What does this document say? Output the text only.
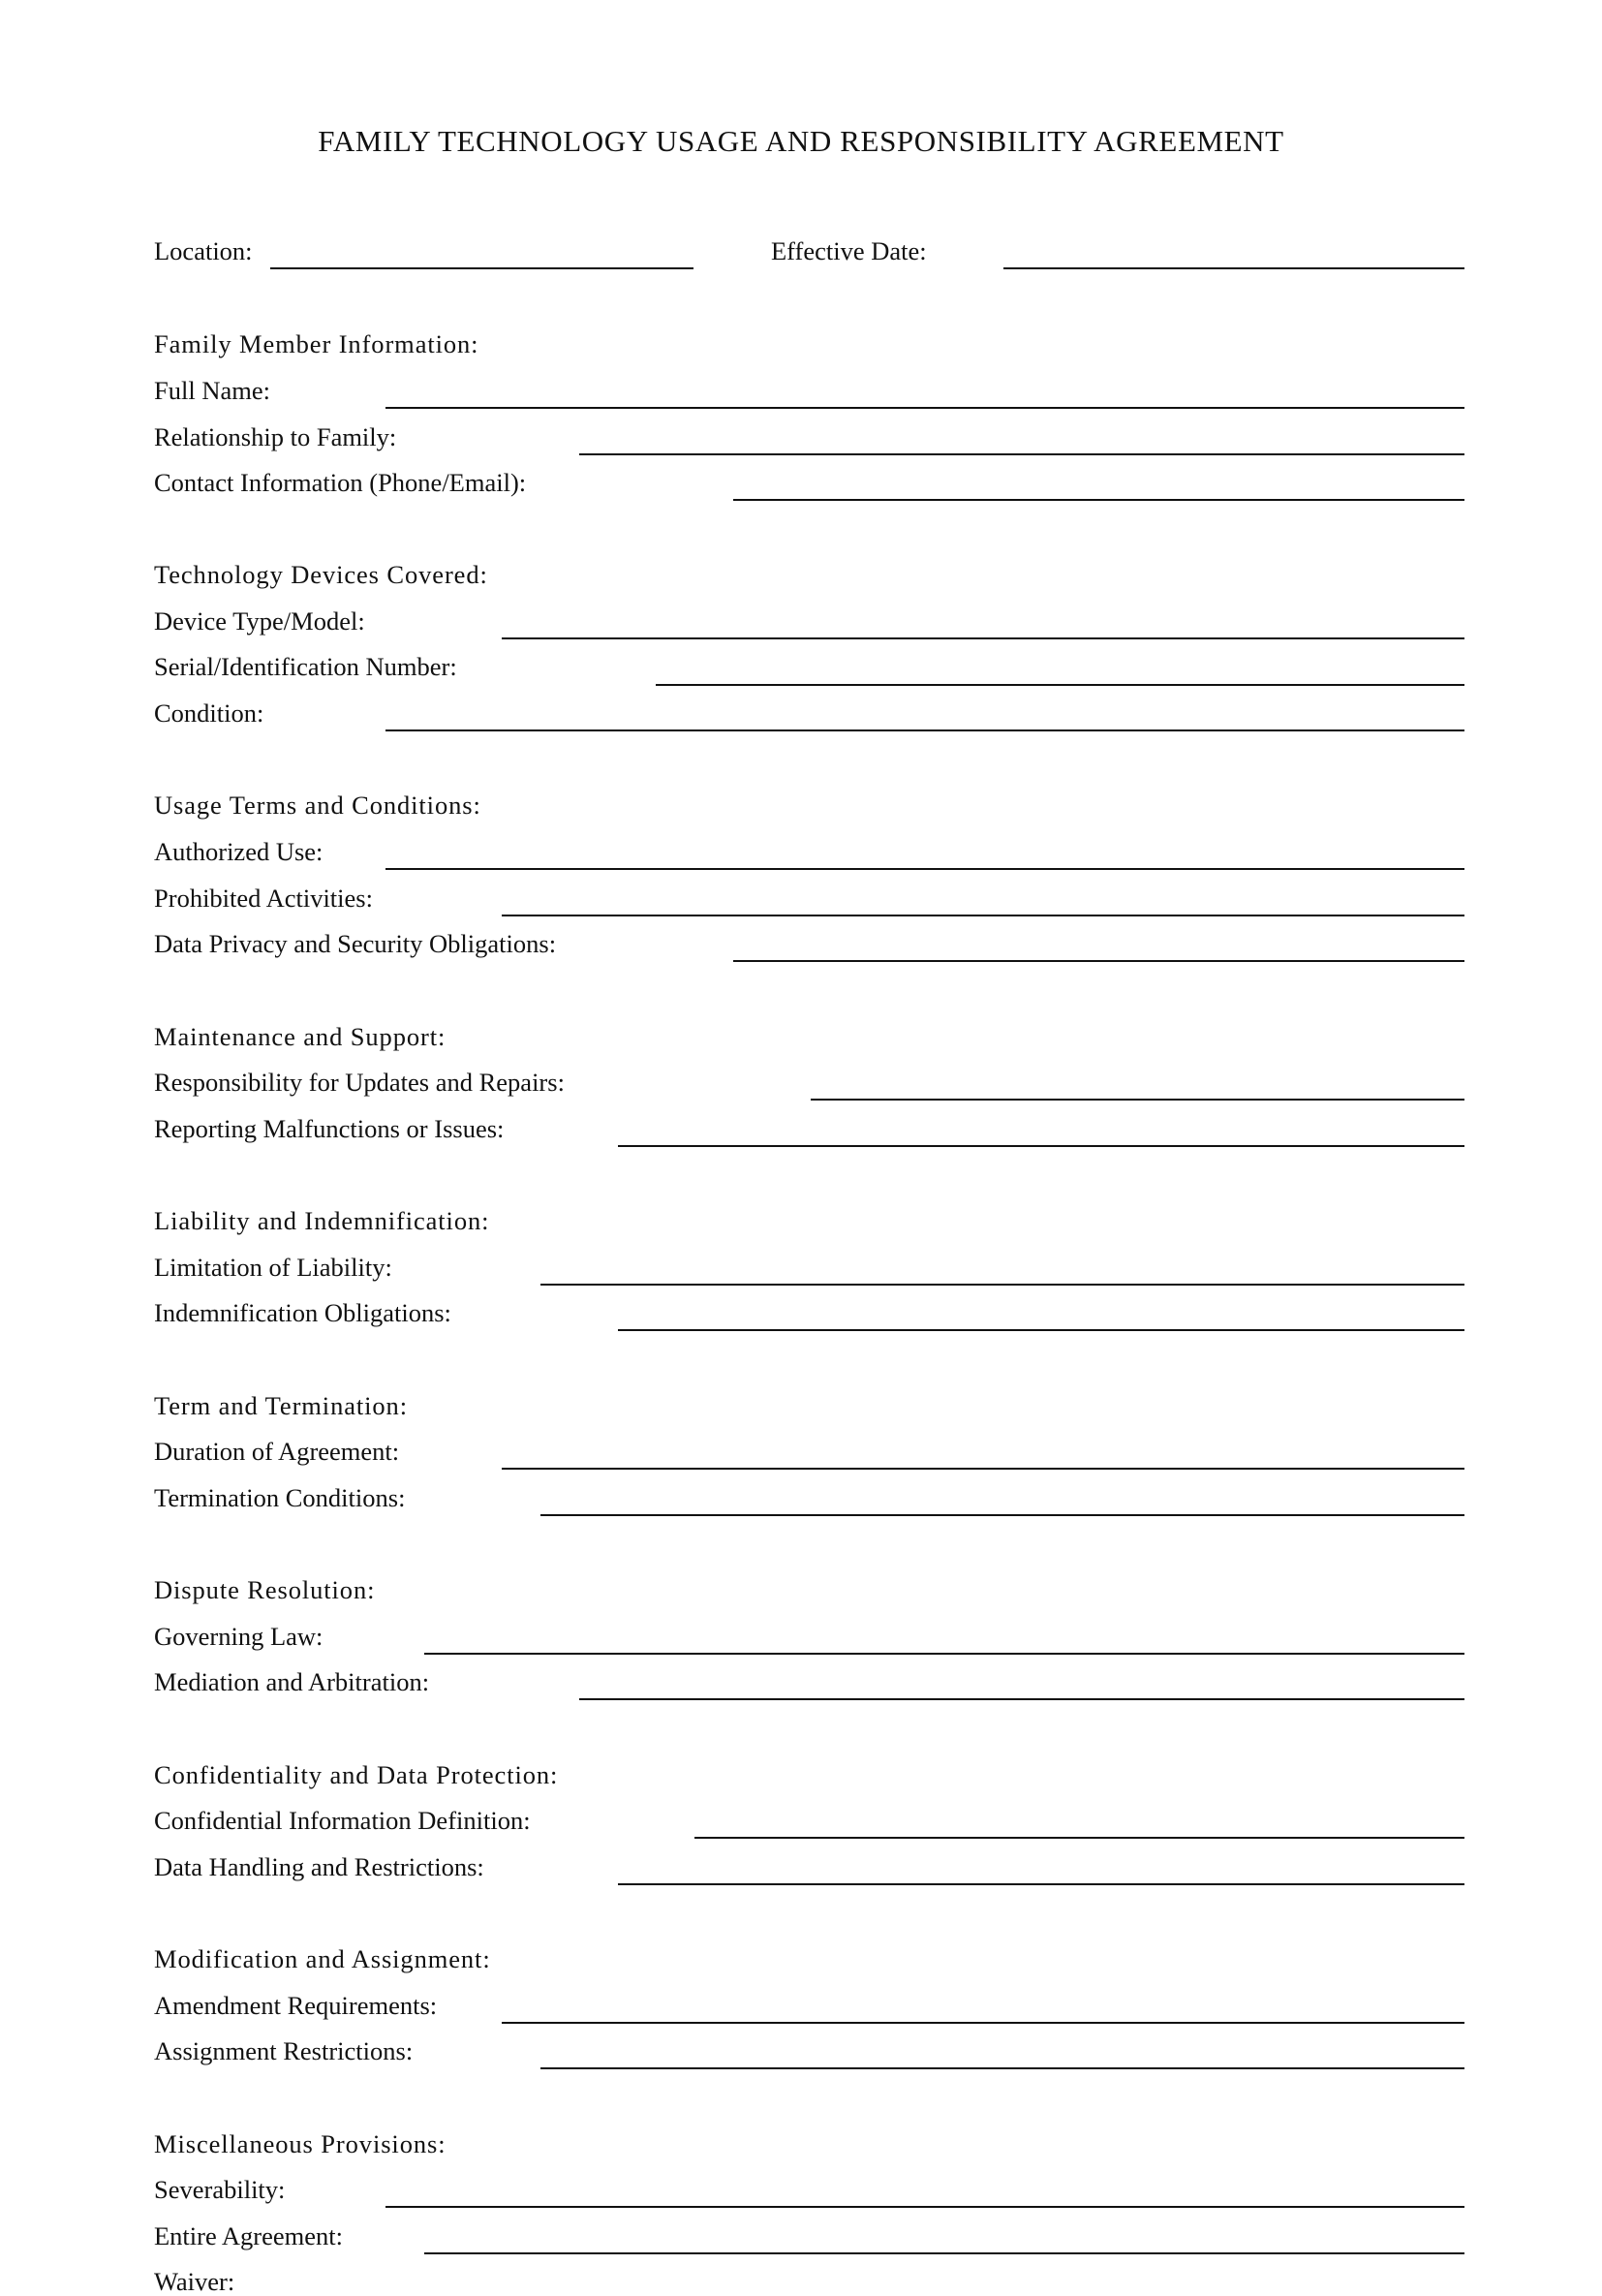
FAMILY TECHNOLOGY USAGE AND RESPONSIBILITY AGREEMENT
Location:	Effective Date:
Family Member Information:
Full Name:
Relationship to Family:
Contact Information (Phone/Email):
Technology Devices Covered:
Device Type/Model:
Serial/Identification Number:
Condition:
Usage Terms and Conditions:
Authorized Use:
Prohibited Activities:
Data Privacy and Security Obligations:
Maintenance and Support:
Responsibility for Updates and Repairs:
Reporting Malfunctions or Issues:
Liability and Indemnification:
Limitation of Liability:
Indemnification Obligations:
Term and Termination:
Duration of Agreement:
Termination Conditions:
Dispute Resolution:
Governing Law:
Mediation and Arbitration:
Confidentiality and Data Protection:
Confidential Information Definition:
Data Handling and Restrictions:
Modification and Assignment:
Amendment Requirements:
Assignment Restrictions:
Miscellaneous Provisions:
Severability:
Entire Agreement:
Waiver:
